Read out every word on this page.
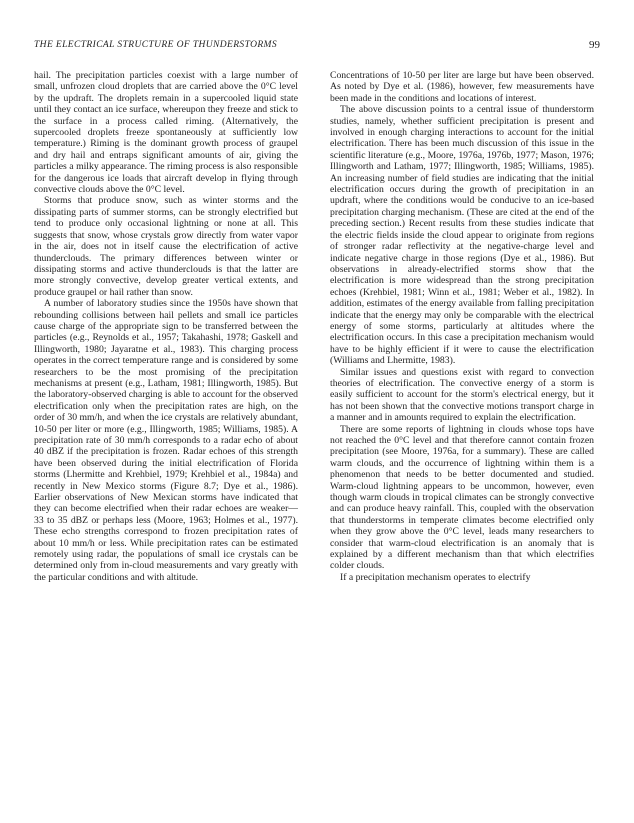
THE ELECTRICAL STRUCTURE OF THUNDERSTORMS	99

hail. The precipitation particles coexist with a large number of small, unfrozen cloud droplets that are carried above the 0°C level by the updraft. The droplets remain in a supercooled liquid state until they contact an ice surface, whereupon they freeze and stick to the surface in a process called riming. (Alternatively, the supercooled droplets freeze spontaneously at sufficiently low temperature.) Riming is the dominant growth process of graupel and dry hail and entraps significant amounts of air, giving the particles a milky appearance. The riming process is also responsible for the dangerous ice loads that aircraft develop in flying through convective clouds above the 0°C level.

Storms that produce snow, such as winter storms and the dissipating parts of summer storms, can be strongly electrified but tend to produce only occasional lightning or none at all. This suggests that snow, whose crystals grow directly from water vapor in the air, does not in itself cause the electrification of active thunderclouds. The primary differences between winter or dissipating storms and active thunderclouds is that the latter are more strongly convective, develop greater vertical extents, and produce graupel or hail rather than snow.

A number of laboratory studies since the 1950s have shown that rebounding collisions between hail pellets and small ice particles cause charge of the appropriate sign to be transferred between the particles (e.g., Reynolds et al., 1957; Takahashi, 1978; Gaskell and Illingworth, 1980; Jayaratne et al., 1983). This charging process operates in the correct temperature range and is considered by some researchers to be the most promising of the precipitation mechanisms at present (e.g., Latham, 1981; Illingworth, 1985). But the laboratory-observed charging is able to account for the observed electrification only when the precipitation rates are high, on the order of 30 mm/h, and when the ice crystals are relatively abundant, 10-50 per liter or more (e.g., Illingworth, 1985; Williams, 1985). A precipitation rate of 30 mm/h corresponds to a radar echo of about 40 dBZ if the precipitation is frozen. Radar echoes of this strength have been observed during the initial electrification of Florida storms (Lhermitte and Krehbiel, 1979; Krehbiel et al., 1984a) and recently in New Mexico storms (Figure 8.7; Dye et al., 1986). Earlier observations of New Mexican storms have indicated that they can become electrified when their radar echoes are weaker—33 to 35 dBZ or perhaps less (Moore, 1963; Holmes et al., 1977). These echo strengths correspond to frozen precipitation rates of about 10 mm/h or less. While precipitation rates can be estimated remotely using radar, the populations of small ice crystals can be determined only from in-cloud measurements and vary greatly with the particular conditions and with altitude.

Concentrations of 10-50 per liter are large but have been observed. As noted by Dye et al. (1986), however, few measurements have been made in the conditions and locations of interest.

The above discussion points to a central issue of thunderstorm studies, namely, whether sufficient precipitation is present and involved in enough charging interactions to account for the initial electrification. There has been much discussion of this issue in the scientific literature (e.g., Moore, 1976a, 1976b, 1977; Mason, 1976; Illingworth and Latham, 1977; Illingworth, 1985; Williams, 1985). An increasing number of field studies are indicating that the initial electrification occurs during the growth of precipitation in an updraft, where the conditions would be conducive to an ice-based precipitation charging mechanism. (These are cited at the end of the preceding section.) Recent results from these studies indicate that the electric fields inside the cloud appear to originate from regions of stronger radar reflectivity at the negative-charge level and indicate negative charge in those regions (Dye et al., 1986). But observations in already-electrified storms show that the electrification is more widespread than the strong precipitation echoes (Krehbiel, 1981; Winn et al., 1981; Weber et al., 1982). In addition, estimates of the energy available from falling precipitation indicate that the energy may only be comparable with the electrical energy of some storms, particularly at altitudes where the electrification occurs. In this case a precipitation mechanism would have to be highly efficient if it were to cause the electrification (Williams and Lhermitte, 1983).

Similar issues and questions exist with regard to convection theories of electrification. The convective energy of a storm is easily sufficient to account for the storm's electrical energy, but it has not been shown that the convective motions transport charge in a manner and in amounts required to explain the electrification.

There are some reports of lightning in clouds whose tops have not reached the 0°C level and that therefore cannot contain frozen precipitation (see Moore, 1976a, for a summary). These are called warm clouds, and the occurrence of lightning within them is a phenomenon that needs to be better documented and studied. Warm-cloud lightning appears to be uncommon, however, even though warm clouds in tropical climates can be strongly convective and can produce heavy rainfall. This, coupled with the observation that thunderstorms in temperate climates become electrified only when they grow above the 0°C level, leads many researchers to consider that warm-cloud electrification is an anomaly that is explained by a different mechanism than that which electrifies colder clouds.

If a precipitation mechanism operates to electrify
